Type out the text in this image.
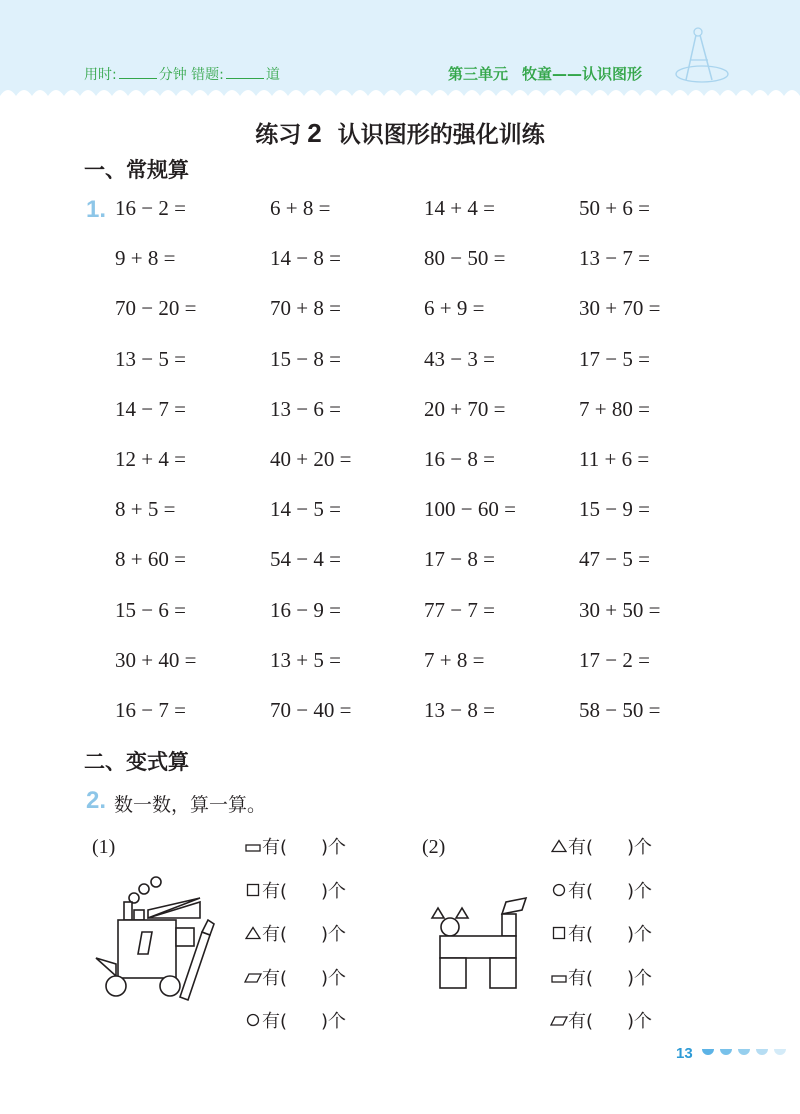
用时:	分钟 错题:	道	第三单元 牧童——认识图形
练习 2 认识图形的强化训练
一、常规算
1. 16 − 2 =	6 + 8 =	14 + 4 =	50 + 6 =
9 + 8 =	14 − 8 =	80 − 50 =	13 − 7 =
70 − 20 =	70 + 8 =	6 + 9 =	30 + 70 =
13 − 5 =	15 − 8 =	43 − 3 =	17 − 5 =
14 − 7 =	13 − 6 =	20 + 70 =	7 + 80 =
12 + 4 =	40 + 20 =	16 − 8 =	11 + 6 =
8 + 5 =	14 − 5 =	100 − 60 =	15 − 9 =
8 + 60 =	54 − 4 =	17 − 8 =	47 − 5 =
15 − 6 =	16 − 9 =	77 − 7 =	30 + 50 =
30 + 40 =	13 + 5 =	7 + 8 =	17 − 2 =
16 − 7 =	70 − 40 =	13 − 8 =	58 − 50 =
二、变式算
2. 数一数，算一算。
(1)	(2)
有( )个
有( )个
有( )个
有( )个
有( )个
有( )个
有( )个
有( )个
有( )个
有( )个
13
